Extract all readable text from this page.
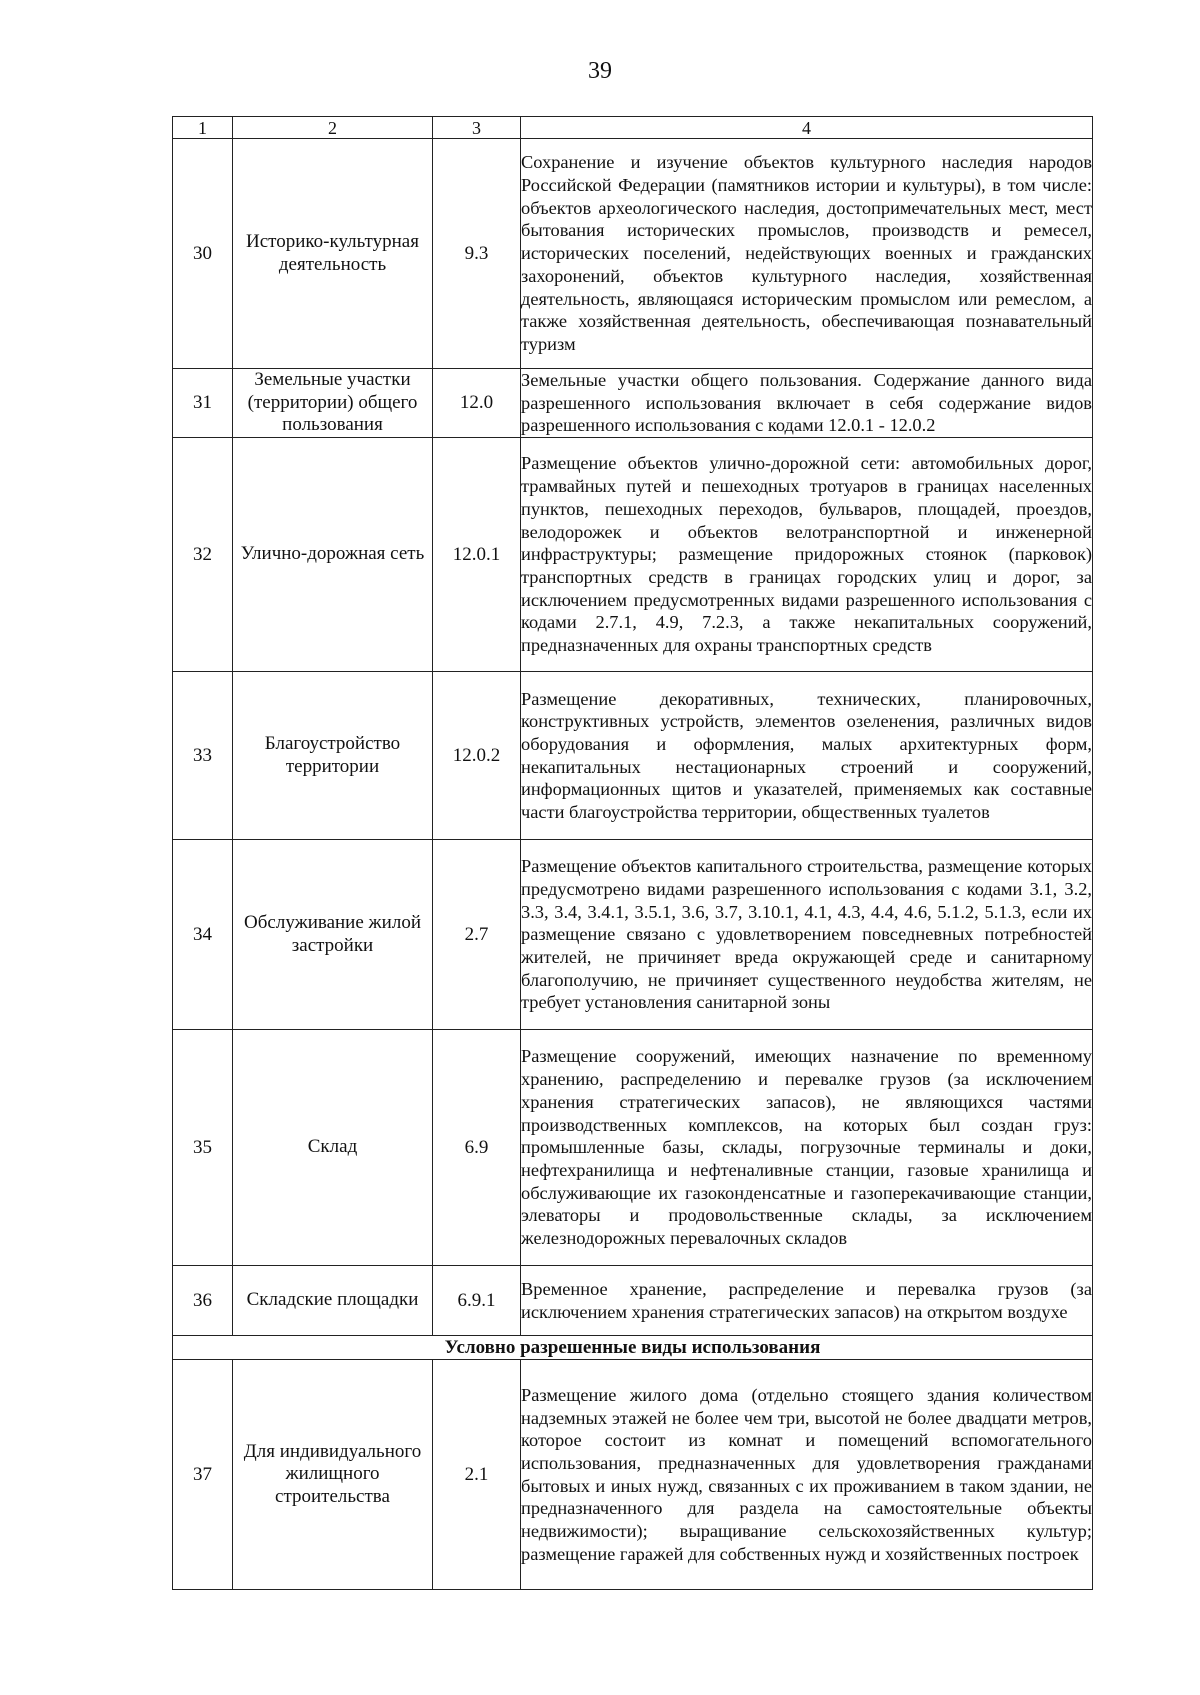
39
1	2	3	4
30	Историко-культурная деятельность	9.3	Сохранение и изучение объектов культурного наследия народов Российской Федерации (памятников истории и культуры), в том числе: объектов археологического наследия, достопримечательных мест, мест бытования исторических промыслов, производств и ремесел, исторических поселений, недействующих военных и гражданских захоронений, объектов культурного наследия, хозяйственная деятельность, являющаяся историческим промыслом или ремеслом, а также хозяйственная деятельность, обеспечивающая познавательный туризм
31	Земельные участки (территории) общего пользования	12.0	Земельные участки общего пользования. Содержание данного вида разрешенного использования включает в себя содержание видов разрешенного использования с кодами 12.0.1 - 12.0.2
32	Улично-дорожная сеть	12.0.1	Размещение объектов улично-дорожной сети: автомобильных дорог, трамвайных путей и пешеходных тротуаров в границах населенных пунктов, пешеходных переходов, бульваров, площадей, проездов, велодорожек и объектов велотранспортной и инженерной инфраструктуры; размещение придорожных стоянок (парковок) транспортных средств в границах городских улиц и дорог, за исключением предусмотренных видами разрешенного использования с кодами 2.7.1, 4.9, 7.2.3, а также некапитальных сооружений, предназначенных для охраны транспортных средств
33	Благоустройство территории	12.0.2	Размещение декоративных, технических, планировочных, конструктивных устройств, элементов озеленения, различных видов оборудования и оформления, малых архитектурных форм, некапитальных нестационарных строений и сооружений, информационных щитов и указателей, применяемых как составные части благоустройства территории, общественных туалетов
34	Обслуживание жилой застройки	2.7	Размещение объектов капитального строительства, размещение которых предусмотрено видами разрешенного использования с кодами 3.1, 3.2, 3.3, 3.4, 3.4.1, 3.5.1, 3.6, 3.7, 3.10.1, 4.1, 4.3, 4.4, 4.6, 5.1.2, 5.1.3, если их размещение связано с удовлетворением повседневных потребностей жителей, не причиняет вреда окружающей среде и санитарному благополучию, не причиняет существенного неудобства жителям, не требует установления санитарной зоны
35	Склад	6.9	Размещение сооружений, имеющих назначение по временному хранению, распределению и перевалке грузов (за исключением хранения стратегических запасов), не являющихся частями производственных комплексов, на которых был создан груз: промышленные базы, склады, погрузочные терминалы и доки, нефтехранилища и нефтеналивные станции, газовые хранилища и обслуживающие их газоконденсатные и газоперекачивающие станции, элеваторы и продовольственные склады, за исключением железнодорожных перевалочных складов
36	Складские площадки	6.9.1	Временное хранение, распределение и перевалка грузов (за исключением хранения стратегических запасов) на открытом воздухе
Условно разрешенные виды использования			
37	Для индивидуального жилищного строительства	2.1	Размещение жилого дома (отдельно стоящего здания количеством надземных этажей не более чем три, высотой не более двадцати метров, которое состоит из комнат и помещений вспомогательного использования, предназначенных для удовлетворения гражданами бытовых и иных нужд, связанных с их проживанием в таком здании, не предназначенного для раздела на самостоятельные объекты недвижимости); выращивание сельскохозяйственных культур; размещение гаражей для собственных нужд и хозяйственных построек
